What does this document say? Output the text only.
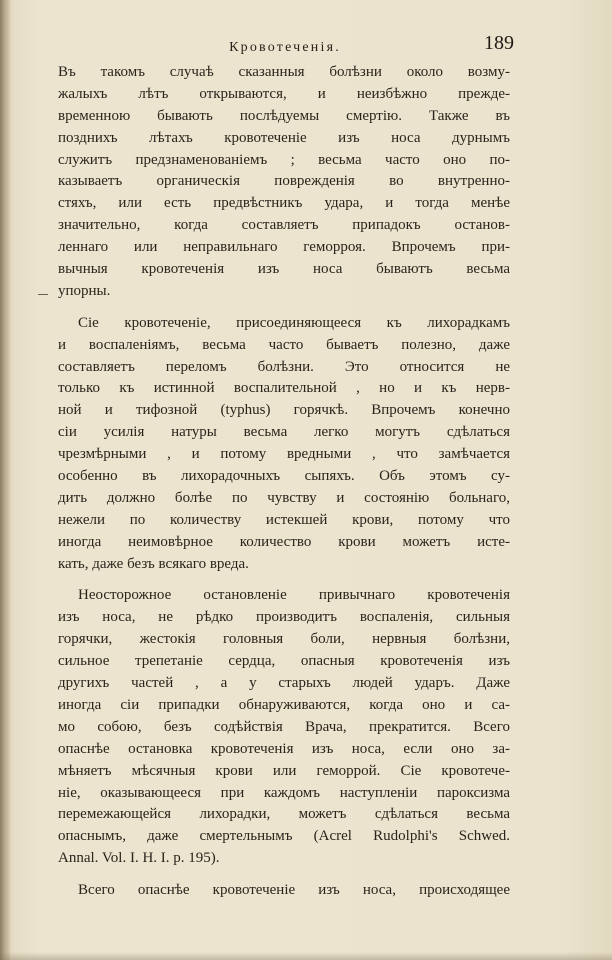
Кровотеченія.	189
Въ такомъ случаѣ сказанныя болѣзни около возму-
жалыхъ лѣтъ открываются, и неизбѣжно прежде-
временною бывають послѣдуемы смертію. Также въ
позднихъ лѣтахъ кровотеченіе изъ носа дурнымъ
служитъ предзнаменованіемъ ; весьма часто оно по-
казываетъ органическія поврежденія во внутренно-
стяхъ, или есть предвѣстникъ удара, и тогда менѣе
значительно, когда составляетъ припадокъ останов-
леннаго или неправильнаго геморроя. Впрочемъ при-
вычныя кровотеченія изъ носа бываютъ весьма
упорны.
Сіе кровотеченіе, присоединяющееся къ лихорадкамъ
и воспаленіямъ, весьма часто бываетъ полезно, даже
составляетъ переломъ болѣзни. Это относится не
только къ истинной воспалительной , но и къ нерв-
ной и тифозной (typhus) горячкѣ. Впрочемъ конечно
сіи усилія натуры весьма легко могутъ сдѣлаться
чрезмѣрными , и потому вредными , что замѣчается
особенно въ лихорадочныхъ сыпяхъ. Объ этомъ су-
дить должно болѣе по чувству и состоянію больнаго,
нежели по количеству истекшей крови, потому что
иногда неимовѣрное количество крови можетъ исте-
кать, даже безъ всякаго вреда.
Неосторожное остановленіе привычнаго кровотеченія
изъ носа, не рѣдко производитъ воспаленія, сильныя
горячки, жестокія головныя боли, нервныя болѣзни,
сильное трепетаніе сердца, опасныя кровотеченія изъ
другихъ частей , а у старыхъ людей ударъ. Даже
иногда сіи припадки обнаруживаются, когда оно и са-
мо собою, безъ содѣйствія Врача, прекратится. Всего
опаснѣе остановка кровотеченія изъ носа, если оно за-
мѣняетъ мѣсячныя крови или геморрой. Сіе кровотече-
ніе, оказывающееся при каждомъ наступленіи пароксизма
перемежающейся лихорадки, можетъ сдѣлаться весьма
опаснымъ, даже смертельнымъ (Acrel Rudolphi's Schwed.
Annal. Vol. I. H. I. p. 195).
Всего опаснѣе кровотеченіе изъ носа, происходящее
